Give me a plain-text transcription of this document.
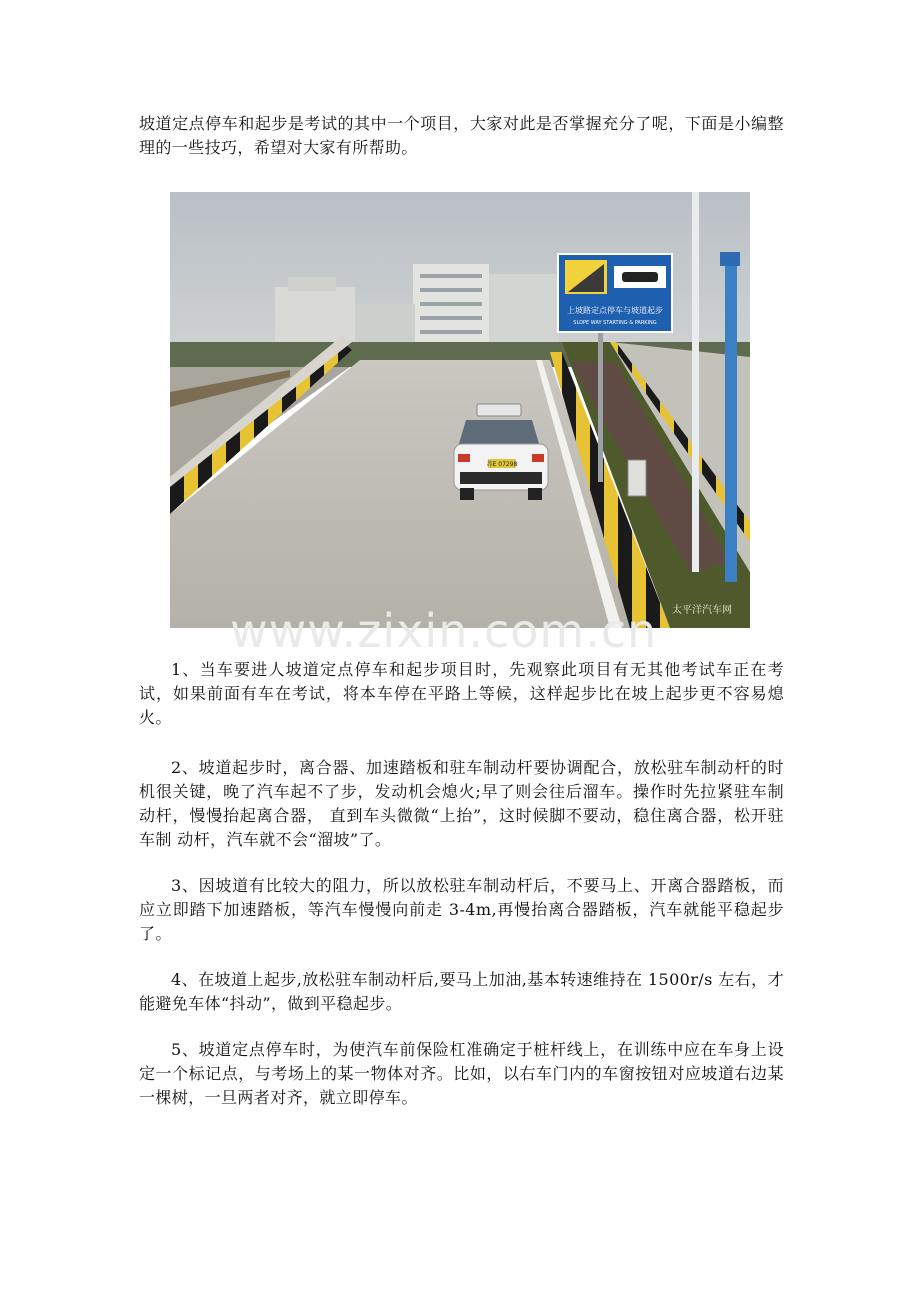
坡道定点停车和起步是考试的其中一个项目，大家对此是否掌握充分了呢，下面是小编整理的一些技巧，希望对大家有所帮助。

上坡路定点停车与坡道起步
SLOPE WAY STARTING & PARKING
苏E 07298
太平洋汽车网
www.zixin.com.cn

1、当车要进人坡道定点停车和起步项目时，先观察此项目有无其他考试车正在考试，如果前面有车在考试，将本车停在平路上等候，这样起步比在坡上起步更不容易熄火。

2、坡道起步时，离合器、加速踏板和驻车制动杆要协调配合，放松驻车制动杆的时机很关键，晚了汽车起不了步，发动机会熄火;早了则会往后溜车。操作时先拉紧驻车制动杆，慢慢抬起离合器， 直到车头微微“上抬”，这时候脚不要动，稳住离合器，松开驻车制 动杆，汽车就不会“溜坡”了。

3、因坡道有比较大的阻力，所以放松驻车制动杆后，不要马上、开离合器踏板，而应立即踏下加速踏板，等汽车慢慢向前走 3-4m,再慢抬离合器踏板，汽车就能平稳起步了。

4、在坡道上起步,放松驻车制动杆后,要马上加油,基本转速维持在 1500r/s 左右，才能避免车体“抖动”，做到平稳起步。

5、坡道定点停车时，为使汽车前保险杠准确定于桩杆线上，在训练中应在车身上设定一个标记点，与考场上的某一物体对齐。比如，以右车门内的车窗按钮对应坡道右边某一棵树，一旦两者对齐，就立即停车。
